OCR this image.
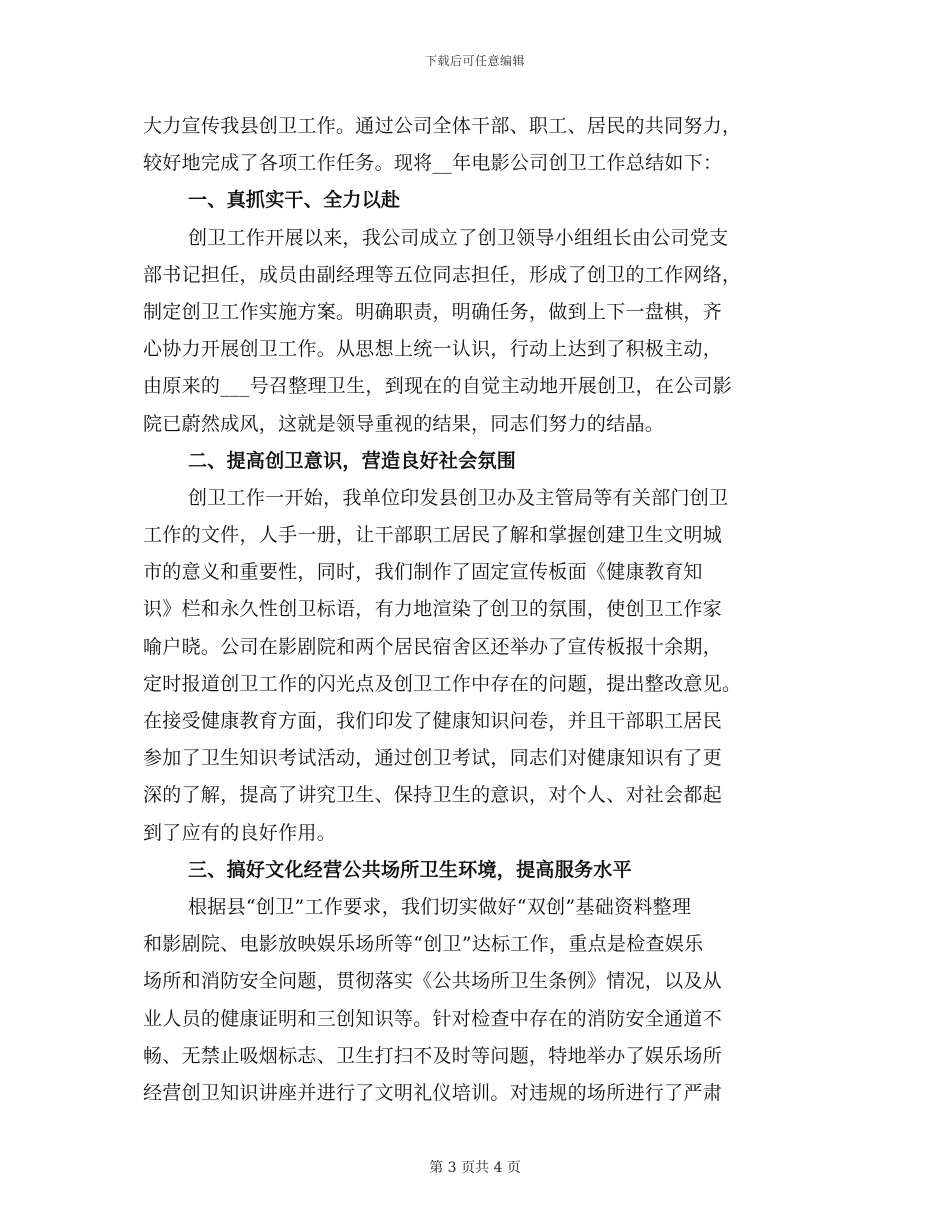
下载后可任意编辑
大力宣传我县创卫工作。通过公司全体干部、职工、居民的共同努力，
较好地完成了各项工作任务。现将__年电影公司创卫工作总结如下：
一、真抓实干、全力以赴
创卫工作开展以来，我公司成立了创卫领导小组组长由公司党支
部书记担任，成员由副经理等五位同志担任，形成了创卫的工作网络，
制定创卫工作实施方案。明确职责，明确任务，做到上下一盘棋，齐
心协力开展创卫工作。从思想上统一认识，行动上达到了积极主动，
由原来的___号召整理卫生，到现在的自觉主动地开展创卫，在公司影
院已蔚然成风，这就是领导重视的结果，同志们努力的结晶。
二、提高创卫意识，营造良好社会氛围
创卫工作一开始，我单位印发县创卫办及主管局等有关部门创卫
工作的文件，人手一册，让干部职工居民了解和掌握创建卫生文明城
市的意义和重要性，同时，我们制作了固定宣传板面《健康教育知
识》栏和永久性创卫标语，有力地渲染了创卫的氛围，使创卫工作家
喻户晓。公司在影剧院和两个居民宿舍区还举办了宣传板报十余期，
定时报道创卫工作的闪光点及创卫工作中存在的问题，提出整改意见。
在接受健康教育方面，我们印发了健康知识问卷，并且干部职工居民
参加了卫生知识考试活动，通过创卫考试，同志们对健康知识有了更
深的了解，提高了讲究卫生、保持卫生的意识，对个人、对社会都起
到了应有的良好作用。
三、搞好文化经营公共场所卫生环境，提高服务水平
根据县“创卫”工作要求，我们切实做好“双创”基础资料整理
和影剧院、电影放映娱乐场所等“创卫”达标工作，重点是检查娱乐
场所和消防安全问题，贯彻落实《公共场所卫生条例》情况，以及从
业人员的健康证明和三创知识等。针对检查中存在的消防安全通道不
畅、无禁止吸烟标志、卫生打扫不及时等问题，特地举办了娱乐场所
经营创卫知识讲座并进行了文明礼仪培训。对违规的场所进行了严肃
第 3 页共 4 页
